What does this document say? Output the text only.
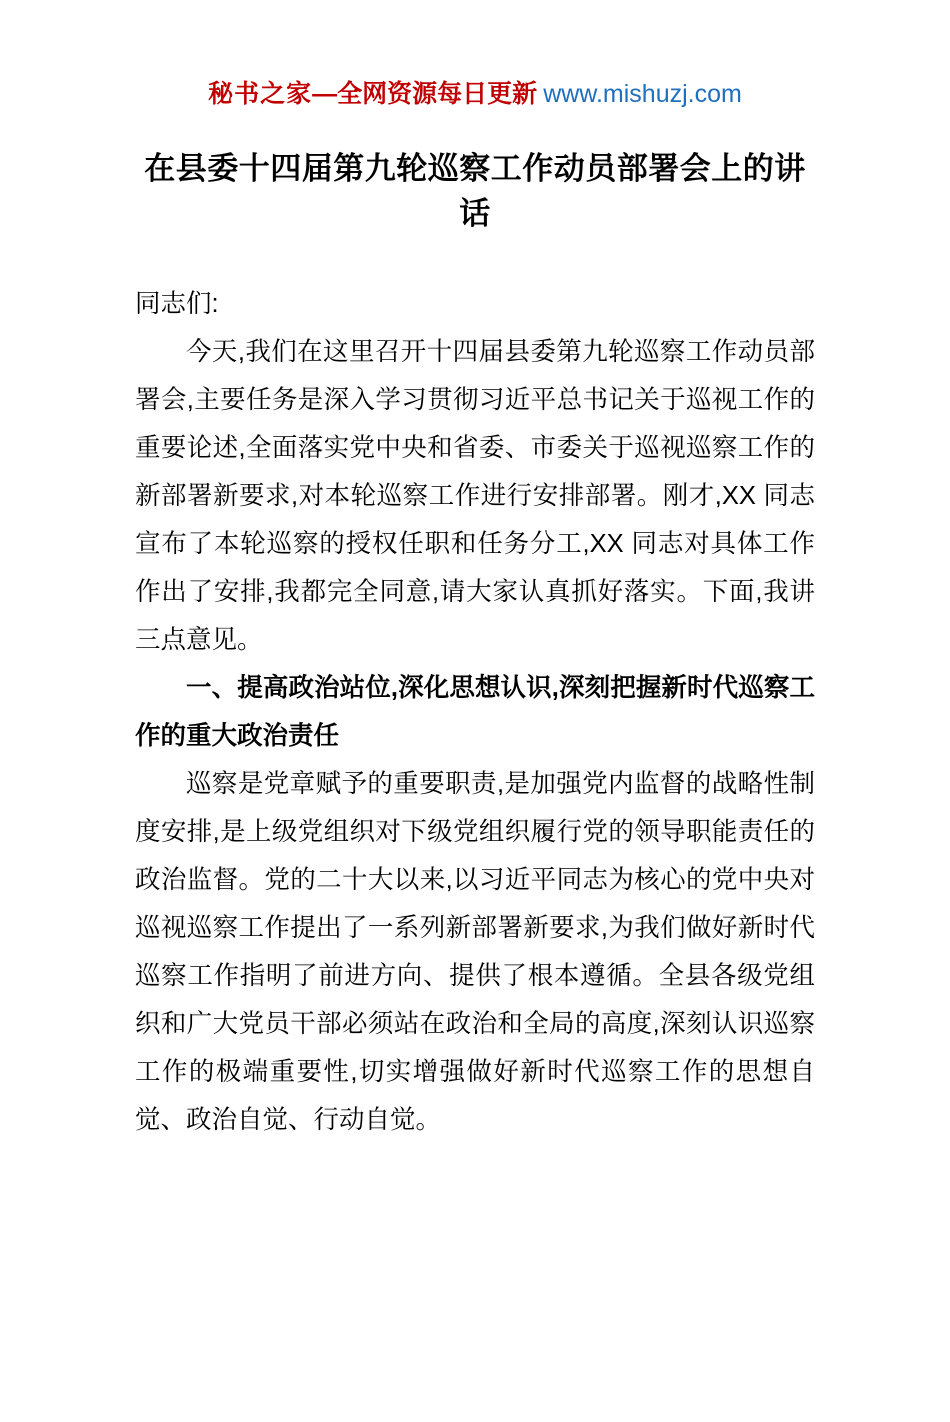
秘书之家—全网资源每日更新 www.mishuzj.com
在县委十四届第九轮巡察工作动员部署会上的讲话

同志们:

今天,我们在这里召开十四届县委第九轮巡察工作动员部署会,主要任务是深入学习贯彻习近平总书记关于巡视工作的重要论述,全面落实党中央和省委、市委关于巡视巡察工作的新部署新要求,对本轮巡察工作进行安排部署。刚才,XX 同志宣布了本轮巡察的授权任职和任务分工,XX 同志对具体工作作出了安排,我都完全同意,请大家认真抓好落实。下面,我讲三点意见。

一、提高政治站位,深化思想认识,深刻把握新时代巡察工作的重大政治责任

巡察是党章赋予的重要职责,是加强党内监督的战略性制度安排,是上级党组织对下级党组织履行党的领导职能责任的政治监督。党的二十大以来,以习近平同志为核心的党中央对巡视巡察工作提出了一系列新部署新要求,为我们做好新时代巡察工作指明了前进方向、提供了根本遵循。全县各级党组织和广大党员干部必须站在政治和全局的高度,深刻认识巡察工作的极端重要性,切实增强做好新时代巡察工作的思想自觉、政治自觉、行动自觉。
